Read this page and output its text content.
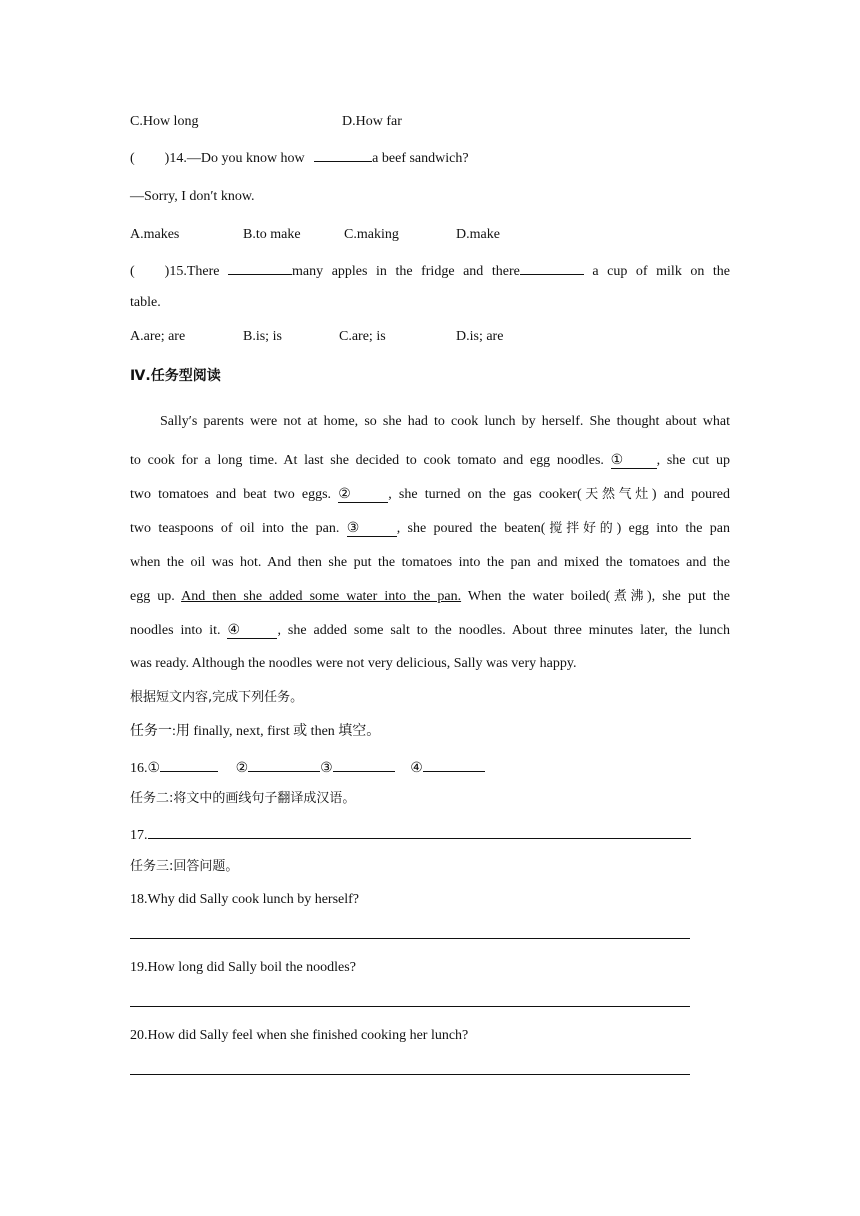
C.How long	D.How far
( )14.—Do you know how	a beef sandwich?
—Sorry, I don′t know.
A.makes	B.to make	C.making	D.make
( )15.There	many apples in the fridge and there	a cup of milk on the
table.
A.are; are	B.is; is	C.are; is	D.is; are
Ⅳ.任务型阅读
Sally′s parents were not at home, so she had to cook lunch by herself. She thought about what
to cook for a long time. At last she decided to cook tomato and egg noodles. ① , she cut up
two tomatoes and beat two eggs. ②	, she turned on the gas cooker(天然气灶) and poured
two teaspoons of oil into the pan. ③	, she poured the beaten(搅拌好的) egg into the pan
when the oil was hot. And then she put the tomatoes into the pan and mixed the tomatoes and the
egg up. And then she added some water into the pan. When the water boiled(煮沸), she put the
noodles into it. ④	, she added some salt to the noodles. About three minutes later, the lunch
was ready. Although the noodles were not very delicious, Sally was very happy.
根据短文内容,完成下列任务。
任务一:用 finally, next, first 或 then 填空。
16.①	②	③	④
任务二:将文中的画线句子翻译成汉语。
17.
任务三:回答问题。
18.Why did Sally cook lunch by herself?
19.How long did Sally boil the noodles?
20.How did Sally feel when she finished cooking her lunch?
